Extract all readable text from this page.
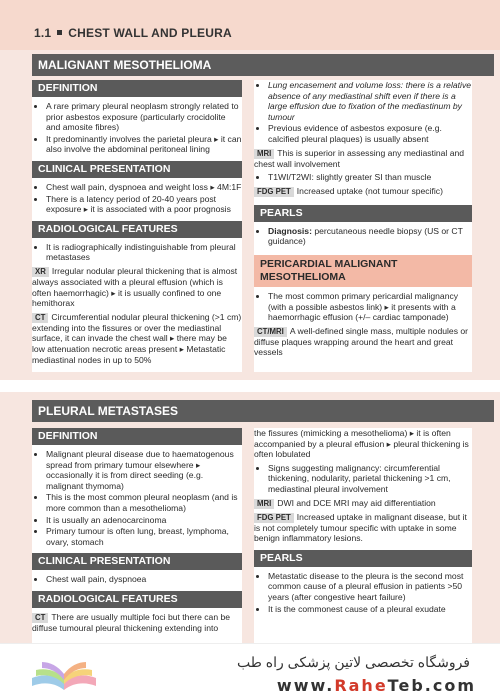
1.1 CHEST WALL AND PLEURA
MALIGNANT MESOTHELIOMA
DEFINITION
• A rare primary pleural neoplasm strongly related to prior asbestos exposure (particularly crocidolite and amosite fibres)
• It predominantly involves the parietal pleura ▸ it can also involve the abdominal peritoneal lining
CLINICAL PRESENTATION
• Chest wall pain, dyspnoea and weight loss ▸ 4M:1F
• There is a latency period of 20-40 years post exposure ▸ it is associated with a poor prognosis
RADIOLOGICAL FEATURES
• It is radiographically indistinguishable from pleural metastases

XR Irregular nodular pleural thickening that is almost always associated with a pleural effusion (which is often haemorrhagic) ▸ it is usually confined to one hemithorax

CT Circumferential nodular pleural thickening (>1 cm) extending into the fissures or over the mediastinal surface, it can invade the chest wall ▸ there may be low attenuation necrotic areas present ▸ Metastatic mediastinal nodes in up to 50%

• Lung encasement and volume loss: there is a relative absence of any mediastinal shift even if there is a large effusion due to fixation of the mediastinum by tumour
• Previous evidence of asbestos exposure (e.g. calcified pleural plaques) is usually absent

MRI This is superior in assessing any mediastinal and chest wall involvement

• T1WI/T2WI: slightly greater SI than muscle

FDG PET Increased uptake (not tumour specific)

PEARLS
• Diagnosis: percutaneous needle biopsy (US or CT guidance)
PERICARDIAL MALIGNANT MESOTHELIOMA
• The most common primary pericardial malignancy (with a possible asbestos link) ▸ it presents with a haemorrhagic effusion (+/– cardiac tamponade)

CT/MRI A well-defined single mass, multiple nodules or diffuse plaques wrapping around the heart and great vessels

PLEURAL METASTASES
DEFINITION
• Malignant pleural disease due to haematogenous spread from primary tumour elsewhere ▸ occasionally it is from direct seeding (e.g. malignant thymoma)
• This is the most common pleural neoplasm (and is more common than a mesothelioma)
• It is usually an adenocarcinoma
• Primary tumour is often lung, breast, lymphoma, ovary, stomach
CLINICAL PRESENTATION
• Chest wall pain, dyspnoea
RADIOLOGICAL FEATURES

CT There are usually multiple foci but there can be diffuse tumoural pleural thickening extending into

the fissures (mimicking a mesothelioma) ▸ it is often accompanied by a pleural effusion ▸ pleural thickening is often lobulated

• Signs suggesting malignancy: circumferential thickening, nodularity, parietal thickening >1 cm, mediastinal pleural involvement

MRI DWI and DCE MRI may aid differentiation

FDG PET Increased uptake in malignant disease, but it is not completely tumour specific with uptake in some benign inflammatory lesions.

PEARLS
• Metastatic disease to the pleura is the second most common cause of a pleural effusion in patients >50 years (after congestive heart failure)
• It is the commonest cause of a pleural exudate
فروشگاه تخصصی لاتین پزشکی راه طب
www.RaheTeb.com
